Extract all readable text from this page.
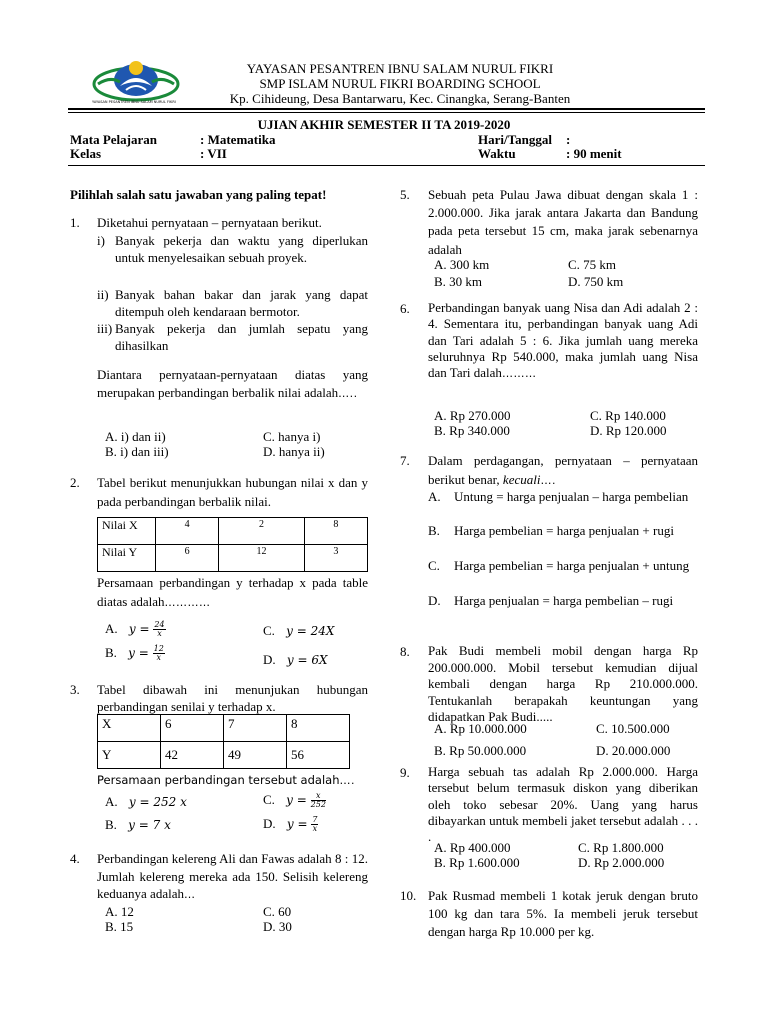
YAYASAN PESANTREN IBNU SALAM NURUL FIKRI
YAYASAN PESANTREN IBNU SALAM NURUL FIKRI
SMP ISLAM NURUL FIKRI BOARDING SCHOOL
Kp. Cihideung, Desa Bantarwaru, Kec. Cinangka, Serang-Banten
UJIAN AKHIR SEMESTER II TA 2019-2020
Mata Pelajaran	: Matematika	Hari/Tanggal :
Kelas	: VII	Waktu	: 90 menit
Pilihlah salah satu jawaban yang paling tepat!
1. Diketahui pernyataan – pernyataan berikut.
i) Banyak pekerja dan waktu yang diperlukan untuk menyelesaikan sebuah proyek.
ii) Banyak bahan bakar dan jarak yang dapat ditempuh oleh kendaraan bermotor.
iii) Banyak pekerja dan jumlah sepatu yang dihasilkan
Diantara pernyataan-pernyataan diatas yang merupakan perbandingan berbalik nilai adalah…..
A. i) dan ii)
B. i) dan iii)
C. hanya i)
D. hanya ii)
2. Tabel berikut menunjukkan hubungan nilai x dan y pada perbandingan berbalik nilai.
Nilai X	4	2	8
Nilai Y	6	12	3
Persamaan perbandingan y terhadap x pada table diatas adalah…………
A. $y = \frac{24}{x}$
B. $y = \frac{12}{x}$
C. y = 24X
D. y = 6X
3. Tabel dibawah ini menunjukan hubungan perbandingan senilai y terhadap x.
X	6	7	8
Y	42	49	56
Persamaan perbandingan tersebut adalah….
A. y = 252 x
B. y = 7 x
C. $y = \frac{x}{252}$
D. $y = \frac{7}{x}$
4. Perbandingan kelereng Ali dan Fawas adalah 8 : 12. Jumlah kelereng mereka ada 150. Selisih kelereng keduanya adalah…
A. 12
B. 15
C. 60
D. 30
5. Sebuah peta Pulau Jawa dibuat dengan skala 1 : 2.000.000. Jika jarak antara Jakarta dan Bandung pada peta tersebut 15 cm, maka jarak sebenarnya adalah
A. 300 km
B. 30 km
C. 75 km
D. 750 km
6. Perbandingan banyak uang Nisa dan Adi adalah 2 : 4. Sementara itu, perbandingan banyak uang Adi dan Tari adalah 5 : 6. Jika jumlah uang mereka seluruhnya Rp 540.000, maka jumlah uang Nisa dan Tari dalah………
A. Rp 270.000
B. Rp 340.000
C. Rp 140.000
D. Rp 120.000
7. Dalam perdagangan, pernyataan – pernyataan berikut benar, kecuali….
A. Untung = harga penjualan – harga pembelian
B. Harga pembelian = harga penjualan + rugi
C. Harga pembelian = harga penjualan + untung
D. Harga penjualan = harga pembelian – rugi
8. Pak Budi membeli mobil dengan harga Rp 200.000.000. Mobil tersebut kemudian dijual kembali dengan harga Rp 210.000.000. Tentukanlah berapakah keuntungan yang didapatkan Pak Budi.....
A. Rp 10.000.000
B. Rp 50.000.000
C. 10.500.000
D. 20.000.000
9. Harga sebuah tas adalah Rp 2.000.000. Harga tersebut belum termasuk diskon yang diberikan oleh toko sebesar 20%. Uang yang harus dibayarkan untuk membeli jaket tersebut adalah . . . .
A. Rp 400.000
B. Rp 1.600.000
C. Rp 1.800.000
D. Rp 2.000.000
10. Pak Rusmad membeli 1 kotak jeruk dengan bruto 100 kg dan tara 5%. Ia membeli jeruk tersebut dengan harga Rp 10.000 per kg.
